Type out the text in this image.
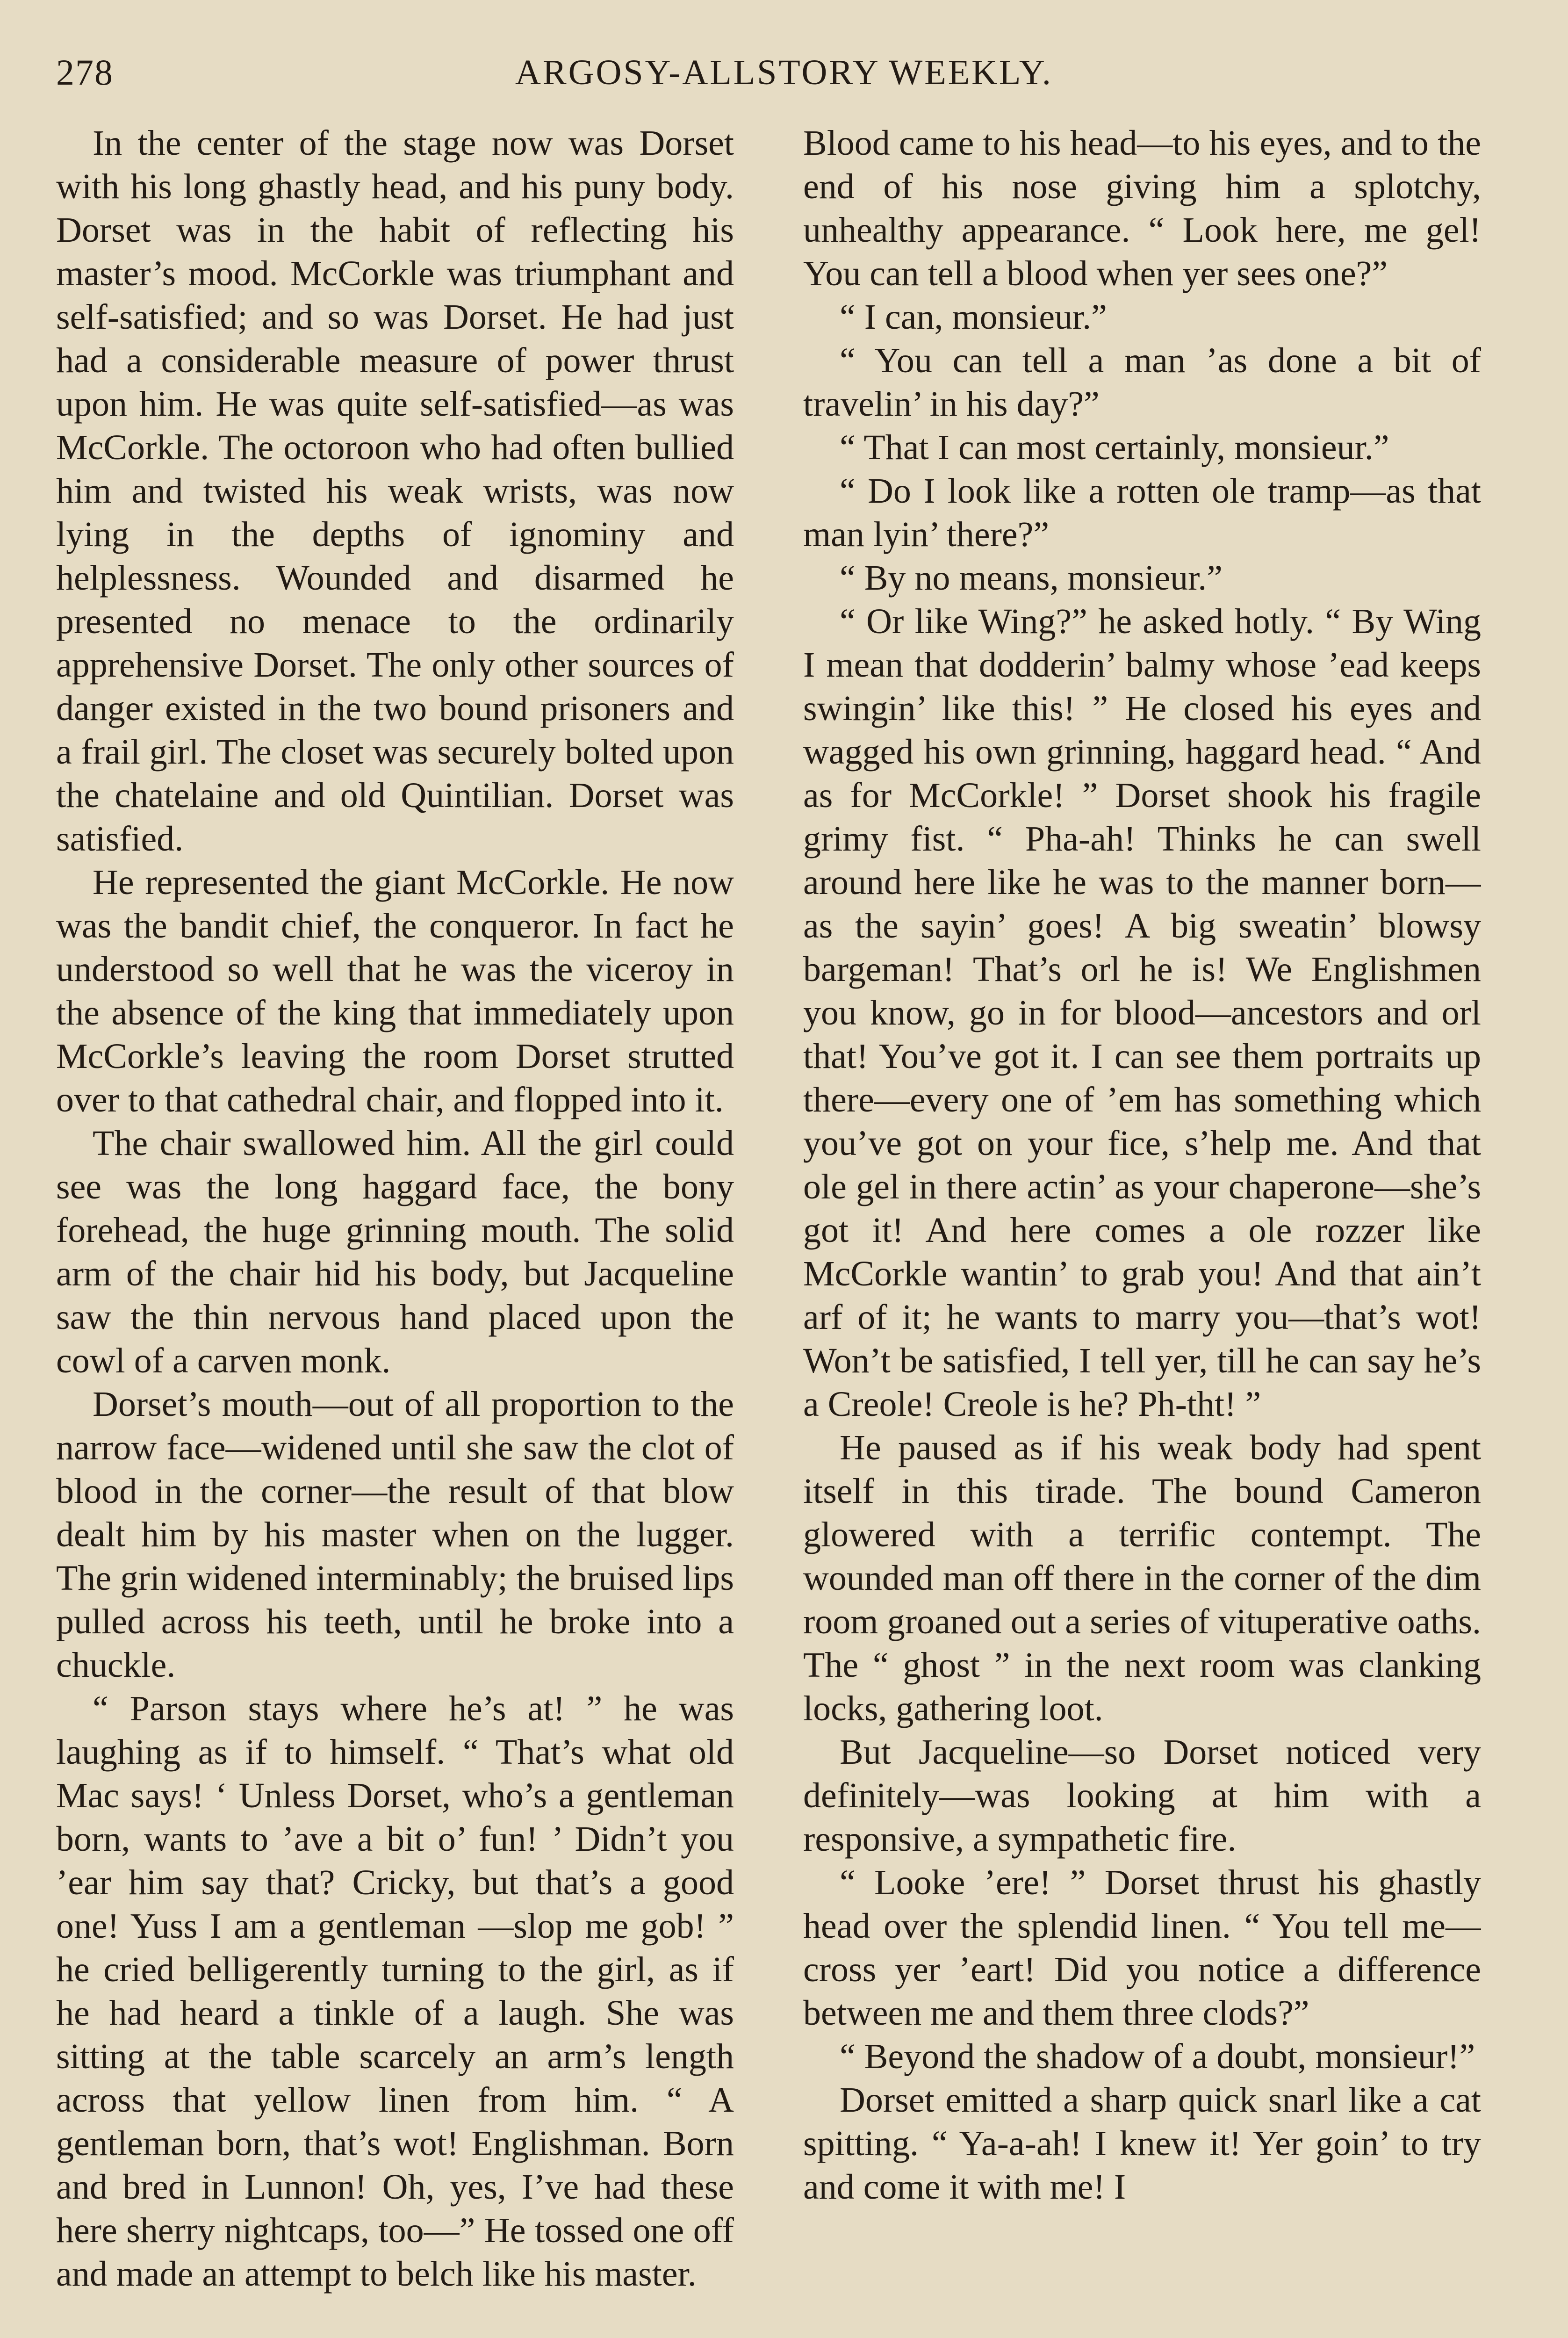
278	ARGOSY-ALLSTORY WEEKLY.

In the center of the stage now was Dorset with his long ghastly head, and his puny body. Dorset was in the habit of reflecting his master’s mood. McCorkle was triumphant and self-satisfied; and so was Dorset. He had just had a considerable measure of power thrust upon him. He was quite self-satisfied—as was McCorkle. The octoroon who had often bullied him and twisted his weak wrists, was now lying in the depths of ignominy and helplessness. Wounded and disarmed he presented no menace to the ordinarily apprehensive Dorset. The only other sources of danger existed in the two bound prisoners and a frail girl. The closet was securely bolted upon the chatelaine and old Quintilian. Dorset was satisfied.

He represented the giant McCorkle. He now was the bandit chief, the conqueror. In fact he understood so well that he was the viceroy in the absence of the king that immediately upon McCorkle’s leaving the room Dorset strutted over to that cathedral chair, and flopped into it.

The chair swallowed him. All the girl could see was the long haggard face, the bony forehead, the huge grinning mouth. The solid arm of the chair hid his body, but Jacqueline saw the thin nervous hand placed upon the cowl of a carven monk.

Dorset’s mouth—out of all proportion to the narrow face—widened until she saw the clot of blood in the corner—the result of that blow dealt him by his master when on the lugger. The grin widened interminably; the bruised lips pulled across his teeth, until he broke into a chuckle.

“ Parson stays where he’s at! ” he was laughing as if to himself. “ That’s what old Mac says! ‘ Unless Dorset, who’s a gentleman born, wants to ’ave a bit o’ fun! ’ Didn’t you ’ear him say that? Cricky, but that’s a good one! Yuss I am a gentleman —slop me gob! ” he cried belligerently turning to the girl, as if he had heard a tinkle of a laugh. She was sitting at the table scarcely an arm’s length across that yellow linen from him. “ A gentleman born, that’s wot! Englishman. Born and bred in Lunnon! Oh, yes, I’ve had these here sherry nightcaps, too—” He tossed one off and made an attempt to belch like his master.

Blood came to his head—to his eyes, and to the end of his nose giving him a splotchy, unhealthy appearance. “ Look here, me gel! You can tell a blood when yer sees one?”

“ I can, monsieur.”

“ You can tell a man ’as done a bit of travelin’ in his day?”

“ That I can most certainly, monsieur.”

“ Do I look like a rotten ole tramp—as that man lyin’ there?”

“ By no means, monsieur.”

“ Or like Wing?” he asked hotly. “ By Wing I mean that dodderin’ balmy whose ’ead keeps swingin’ like this! ” He closed his eyes and wagged his own grinning, haggard head. “ And as for McCorkle! ” Dorset shook his fragile grimy fist. “ Pha-ah! Thinks he can swell around here like he was to the manner born—as the sayin’ goes! A big sweatin’ blowsy bargeman! That’s orl he is! We Englishmen you know, go in for blood—ancestors and orl that! You’ve got it. I can see them portraits up there—every one of ’em has something which you’ve got on your fice, s’help me. And that ole gel in there actin’ as your chaperone—she’s got it! And here comes a ole rozzer like McCorkle wantin’ to grab you! And that ain’t arf of it; he wants to marry you—that’s wot! Won’t be satisfied, I tell yer, till he can say he’s a Creole! Creole is he? Ph-tht! ”

He paused as if his weak body had spent itself in this tirade. The bound Cameron glowered with a terrific contempt. The wounded man off there in the corner of the dim room groaned out a series of vituperative oaths. The “ ghost ” in the next room was clanking locks, gathering loot.

But Jacqueline—so Dorset noticed very definitely—was looking at him with a responsive, a sympathetic fire.

“ Looke ’ere! ” Dorset thrust his ghastly head over the splendid linen. “ You tell me—cross yer ’eart! Did you notice a difference between me and them three clods?”

“ Beyond the shadow of a doubt, monsieur!”

Dorset emitted a sharp quick snarl like a cat spitting. “ Ya-a-ah! I knew it! Yer goin’ to try and come it with me! I
